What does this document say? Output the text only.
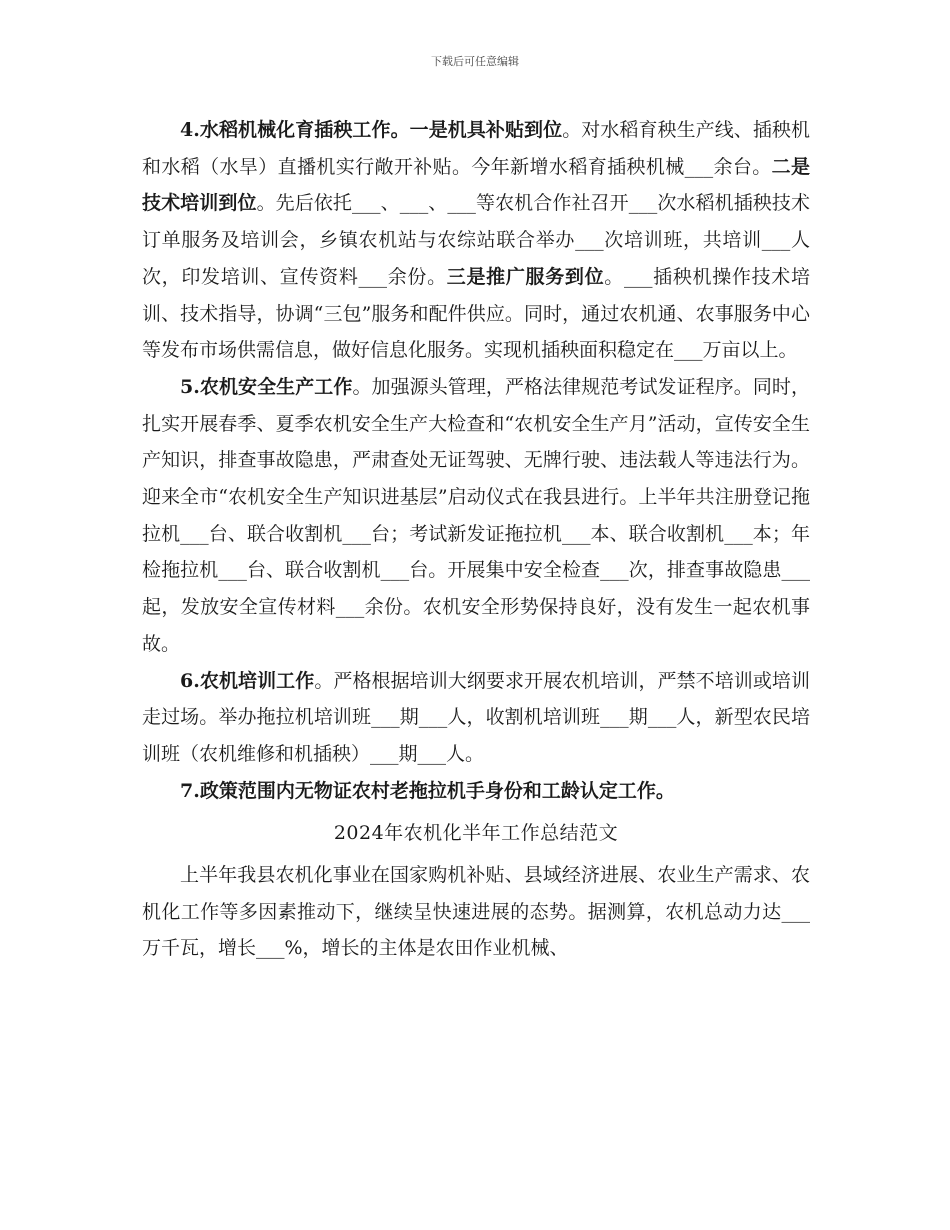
下载后可任意编辑

4.水稻机械化育插秧工作。一是机具补贴到位。对水稻育秧生产线、插秧机和水稻（水旱）直播机实行敞开补贴。今年新增水稻育插秧机械___余台。二是技术培训到位。先后依托___、___、___等农机合作社召开___次水稻机插秧技术订单服务及培训会，乡镇农机站与农综站联合举办___次培训班，共培训___人次，印发培训、宣传资料___余份。三是推广服务到位。___插秧机操作技术培训、技术指导，协调“三包”服务和配件供应。同时，通过农机通、农事服务中心等发布市场供需信息，做好信息化服务。实现机插秧面积稳定在___万亩以上。

5.农机安全生产工作。加强源头管理，严格法律规范考试发证程序。同时，扎实开展春季、夏季农机安全生产大检查和“农机安全生产月”活动，宣传安全生产知识，排查事故隐患，严肃查处无证驾驶、无牌行驶、违法载人等违法行为。迎来全市“农机安全生产知识进基层”启动仪式在我县进行。上半年共注册登记拖拉机___台、联合收割机___台；考试新发证拖拉机___本、联合收割机___本；年检拖拉机___台、联合收割机___台。开展集中安全检查___次，排查事故隐患___起，发放安全宣传材料___余份。农机安全形势保持良好，没有发生一起农机事故。

6.农机培训工作。严格根据培训大纲要求开展农机培训，严禁不培训或培训走过场。举办拖拉机培训班___期___人，收割机培训班___期___人，新型农民培训班（农机维修和机插秧）___期___人。

7.政策范围内无物证农村老拖拉机手身份和工龄认定工作。

2024年农机化半年工作总结范文

上半年我县农机化事业在国家购机补贴、县域经济进展、农业生产需求、农机化工作等多因素推动下，继续呈快速进展的态势。据测算，农机总动力达___万千瓦，增长___%，增长的主体是农田作业机械、
